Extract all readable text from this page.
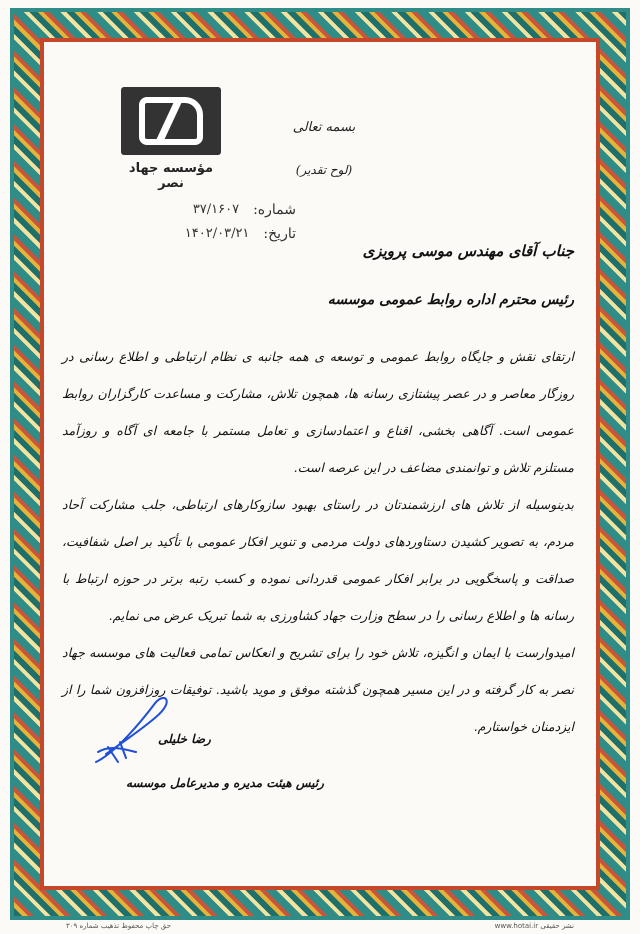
مؤسسه جهاد نصر
بسمه تعالی
(لوح تقدیر)
شماره:
۳۷/۱۶۰۷
تاریخ:
۱۴۰۲/۰۳/۲۱
جناب آقای مهندس موسی پرویزی
رئیس محترم اداره روابط عمومی موسسه

ارتقای نقش و جایگاه روابط عمومی و توسعه ی همه جانبه ی نظام ارتباطی و اطلاع رسانی در روزگار معاصر و در عصر پیشتازی رسانه ها، همچون تلاش، مشارکت و مساعدت کارگزاران روابط عمومی است. آگاهی بخشی، اقناع و اعتمادسازی و تعامل مستمر با جامعه ای آگاه و روزآمد مستلزم تلاش و توانمندی مضاعف در این عرصه است.

بدینوسیله از تلاش های ارزشمندتان در راستای بهبود سازوکارهای ارتباطی، جلب مشارکت آحاد مردم، به تصویر کشیدن دستاوردهای دولت مردمی و تنویر افکار عمومی با تأکید بر اصل شفافیت، صداقت و پاسخگویی در برابر افکار عمومی قدردانی نموده و کسب رتبه برتر در حوزه ارتباط با رسانه ها و اطلاع رسانی را در سطح وزارت جهاد کشاورزی به شما تبریک عرض می نمایم.

امیدوارست با ایمان و انگیزه، تلاش خود را برای تشریح و انعکاس تمامی فعالیت های موسسه جهاد نصر به کار گرفته و در این مسیر همچون گذشته موفق و موید باشید. توفیقات روزافزون شما را از ایزدمنان خواستارم.

رضا خلیلی
رئیس هیئت مدیره و مدیرعامل موسسه
حق چاپ محفوظ تذهیب شماره ۳۰۹	www.hotai.ir نشر حقیقی
